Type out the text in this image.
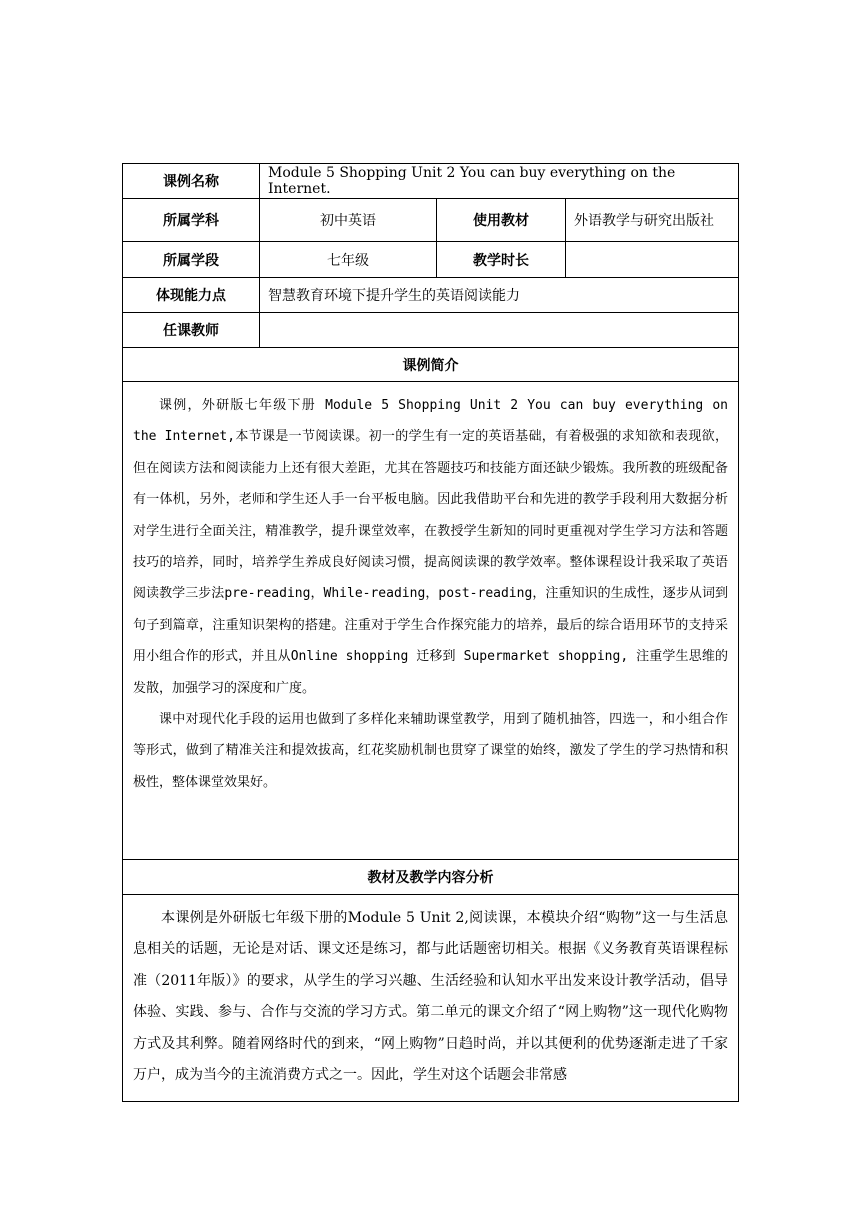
课例名称	Module 5 Shopping Unit 2 You can buy everything on the Internet.		
所属学科	初中英语	使用教材	外语教学与研究出版社
所属学段	七年级	教学时长	
体现能力点	智慧教育环境下提升学生的英语阅读能力		
任课教师			
课例简介			

课例，外研版七年级下册 Module 5 Shopping Unit 2 You can buy everything on the Internet,本节课是一节阅读课。初一的学生有一定的英语基础，有着极强的求知欲和表现欲，但在阅读方法和阅读能力上还有很大差距，尤其在答题技巧和技能方面还缺少锻炼。我所教的班级配备有一体机，另外，老师和学生还人手一台平板电脑。因此我借助平台和先进的教学手段利用大数据分析对学生进行全面关注，精准教学，提升课堂效率，在教授学生新知的同时更重视对学生学习方法和答题技巧的培养，同时，培养学生养成良好阅读习惯，提高阅读课的教学效率。整体课程设计我采取了英语阅读教学三步法pre-reading，While-reading，post-reading，注重知识的生成性，逐步从词到句子到篇章，注重知识架构的搭建。注重对于学生合作探究能力的培养，最后的综合语用环节的支持采用小组合作的形式，并且从Online shopping 迁移到 Supermarket shopping, 注重学生思维的发散，加强学习的深度和广度。

课中对现代化手段的运用也做到了多样化来辅助课堂教学，用到了随机抽答，四选一，和小组合作等形式，做到了精准关注和提效拔高，红花奖励机制也贯穿了课堂的始终，激发了学生的学习热情和积极性，整体课堂效果好。			

教材及教学内容分析			

本课例是外研版七年级下册的Module 5 Unit 2,阅读课，本模块介绍“购物”这一与生活息息相关的话题，无论是对话、课文还是练习，都与此话题密切相关。根据《义务教育英语课程标准（2011年版）》的要求，从学生的学习兴趣、生活经验和认知水平出发来设计教学活动，倡导体验、实践、参与、合作与交流的学习方式。第二单元的课文介绍了“网上购物”这一现代化购物方式及其利弊。随着网络时代的到来，“网上购物”日趋时尚，并以其便利的优势逐渐走进了千家万户，成为当今的主流消费方式之一。因此，学生对这个话题会非常感			
